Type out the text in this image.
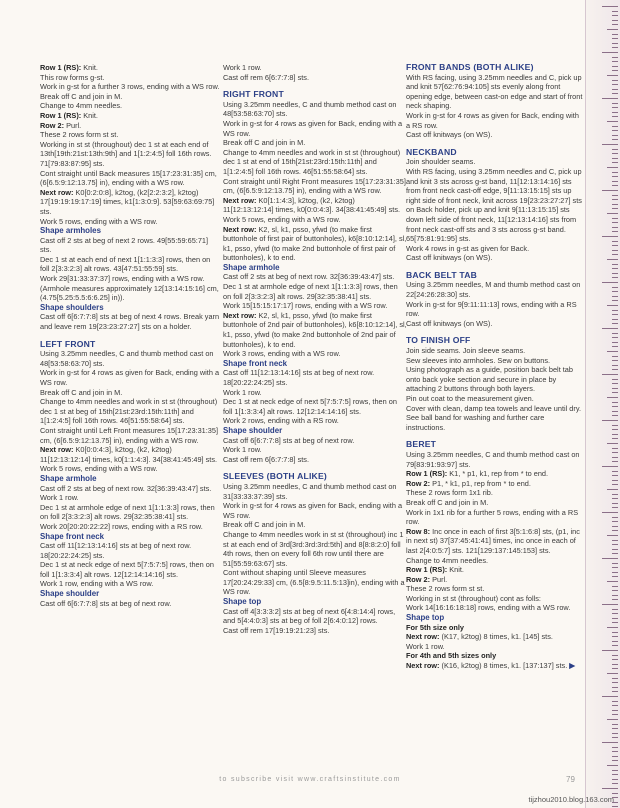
Row 1 (RS): Knit.
This row forms g-st.
Work in g-st for a further 3 rows, ending with a WS row.
Break off C and join in M.
Change to 4mm needles.
Row 1 (RS): Knit.
Row 2: Purl.
These 2 rows form st st.
Working in st st (throughout) dec 1 st at each end of 13th[19th:21st:13th:9th] and 1[1:2:4:5] foll 16th rows. 71[79:83:87:95] sts.
Cont straight until Back measures 15[17:23:31:35] cm, (6[6.5:9:12:13.75] in), ending with a WS row.
Next row: K0[0:2:0:8], k2tog, (k2[2:2:3:2], k2tog) 17[19:19:19:17:19] times, k1[1:3:0:9]. 53[59:63:69:75] sts.
Work 5 rows, ending with a WS row.
Shape armholes
Cast off 2 sts at beg of next 2 rows. 49[55:59:65:71] sts.
Dec 1 st at each end of next 1[1:1:3:3] rows, then on foll 2[3:3:2:3] alt rows. 43[47:51:55:59] sts.
Work 29[31:33:37:37] rows, ending with a WS row. (Armhole measures approximately 12[13:14:15:16] cm, (4.75[5.25:5.5:6:6.25] in)).
Shape shoulders
Cast off 6[6:7:7:8] sts at beg of next 4 rows. Break yarn and leave rem 19[23:23:27:27] sts on a holder.
LEFT FRONT
Using 3.25mm needles, C and thumb method cast on 48[53:58:63:70] sts.
Work in g-st for 4 rows as given for Back, ending with a WS row.
Break off C and join in M.
Change to 4mm needles and work in st st (throughout) dec 1 st at beg of 15th[21st:23rd:15th:11th] and 1[1:2:4:5] foll 16th rows. 46[51:55:58:64] sts.
Cont straight until Left Front measures 15[17:23:31:35] cm, (6[6.5:9:12:13.75] in), ending with a WS row.
Next row: K0[0:0:4:3], k2tog, (k2, k2tog) 11[12:13:12:14] times, k0[1:1:4:3]. 34[38:41:45:49] sts.
Work 5 rows, ending with a WS row.
Shape armhole
Cast off 2 sts at beg of next row. 32[36:39:43:47] sts.
Work 1 row.
Dec 1 st at armhole edge of next 1[1:1:3:3] rows, then on foll 2[3:3:2:3] alt rows. 29[32:35:38:41] sts.
Work 20[20:20:22:22] rows, ending with a RS row.
Shape front neck
Cast off 11[12:13:14:16] sts at beg of next row. 18[20:22:24:25] sts.
Dec 1 st at neck edge of next 5[7:5:7:5] rows, then on foll 1[1:3:3:4] alt rows. 12[12:14:14:16] sts.
Work 1 row, ending with a WS row.
Shape shoulder
Cast off 6[6:7:7:8] sts at beg of next row.
Work 1 row.
Cast off rem 6[6:7:7:8] sts.
RIGHT FRONT
Using 3.25mm needles, C and thumb method cast on 48[53:58:63:70] sts.
Work in g-st for 4 rows as given for Back, ending with a WS row.
Break off C and join in M.
Change to 4mm needles and work in st st (throughout) dec 1 st at end of 15th[21st:23rd:15th:11th] and 1[1:2:4:5] foll 16th rows. 46[51:55:58:64] sts.
Cont straight until Right Front measures 15[17:23:31:35] cm, (6[6.5:9:12:13.75] in), ending with a WS row.
Next row: K0[1:1:4:3], k2tog, (k2, k2tog) 11[12:13:12:14] times, k0[0:0:4:3]. 34[38:41:45:49] sts.
Work 5 rows, ending with a WS row.
Next row: K2, sl, k1, psso, yfwd (to make first buttonhole of first pair of buttonholes), k6[8:10:12:14], sl, k1, psso, yfwd (to make 2nd buttonhole of first pair of buttonholes), k to end.
Shape armhole
Cast off 2 sts at beg of next row. 32[36:39:43:47] sts.
Dec 1 st at armhole edge of next 1[1:1:3:3] rows, then on foll 2[3:3:2:3] alt rows. 29[32:35:38:41] sts.
Work 15[15:15:17:17] rows, ending with a WS row.
Next row: K2, sl, k1, psso, yfwd (to make first buttonhole of 2nd pair of buttonholes), k6[8:10:12:14], sl, k1, psso, yfwd (to make 2nd buttonhole of 2nd pair of buttonholes), k to end.
Work 3 rows, ending with a WS row.
Shape front neck
Cast off 11[12:13:14:16] sts at beg of next row. 18[20:22:24:25] sts.
Work 1 row.
Dec 1 st at neck edge of next 5[7:5:7:5] rows, then on foll 1[1:3:3:4] alt rows. 12[12:14:14:16] sts.
Work 2 rows, ending with a RS row.
Shape shoulder
Cast off 6[6:7:7:8] sts at beg of next row.
Work 1 row.
Cast off rem 6[6:7:7:8] sts.
SLEEVES (BOTH ALIKE)
Using 3.25mm needles, C and thumb method cast on 31[33:33:37:39] sts.
Work in g-st for 4 rows as given for Back, ending with a WS row.
Break off C and join in M.
Change to 4mm needles work in st st (throughout) inc 1 st at each end of 3rd[3rd:3rd:3rd:5th] and 8[8:8:2:0] foll 4th rows, then on every foll 6th row until there are 51[55:59:63:67] sts.
Cont without shaping until Sleeve measures 17[20:24:29:33] cm, (6.5[8:9.5:11.5:13]in), ending with a WS row.
Shape top
Cast off 4[3:3:3:2] sts at beg of next 6[4:8:14:4] rows, and 5[4:4:0:3] sts at beg of foll 2[6:4:0:12] rows.
Cast off rem 17[19:19:21:23] sts.
FRONT BANDS (BOTH ALIKE)
With RS facing, using 3.25mm needles and C, pick up and knit 57[62:76:94:105] sts evenly along front opening edge, between cast-on edge and start of front neck shaping.
Work in g-st for 4 rows as given for Back, ending with a RS row.
Cast off knitways (on WS).
NECKBAND
Join shoulder seams.
With RS facing, using 3.25mm needles and C, pick up and knit 3 sts across g-st band, 11[12:13:14:16] sts from front neck cast-off edge, 9[11:13:15:15] sts up right side of front neck, knit across 19[23:23:27:27] sts on Back holder, pick up and knit 9[11:13:15:15] sts down left side of front neck, 11[12:13:14:16] sts from front neck cast-off sts and 3 sts across g-st band. 65[75:81:91:95] sts.
Work 4 rows in g-st as given for Back.
Cast off knitways (on WS).
BACK BELT TAB
Using 3.25mm needles, M and thumb method cast on 22[24:26:28:30] sts.
Work in g-st for 9[9:11:11:13] rows, ending with a RS row.
Cast off knitways (on WS).
TO FINISH OFF
Join side seams. Join sleeve seams.
Sew sleeves into armholes. Sew on buttons.
Using photograph as a guide, position back belt tab onto back yoke section and secure in place by attaching 2 buttons through both layers.
Pin out coat to the measurement given.
Cover with clean, damp tea towels and leave until dry. See ball band for washing and further care instructions.
BERET
Using 3.25mm needles, C and thumb method cast on 79[83:91:93:97] sts.
Row 1 (RS): K1, * p1, k1, rep from * to end.
Row 2: P1, * k1, p1, rep from * to end.
These 2 rows form 1x1 rib.
Break off C and join in M.
Work in 1x1 rib for a further 5 rows, ending with a RS row.
Row 8: Inc once in each of first 3[5:1:6:8] sts, (p1, inc in next st) 37[37:45:41:41] times, inc once in each of last 2[4:0:5:7] sts. 121[129:137:145:153] sts.
Change to 4mm needles.
Row 1 (RS): Knit.
Row 2: Purl.
These 2 rows form st st.
Working in st st (throughout) cont as folls:
Work 14[16:16:18:18] rows, ending with a WS row.
Shape top
For 5th size only
Next row: (K17, k2tog) 8 times, k1. [145] sts.
Work 1 row.
For 4th and 5th sizes only
Next row: (K16, k2tog) 8 times, k1. [137:137] sts. ▶
to subscribe visit www.craftsinstitute.com	79
tijzhou2010.blog.163.com
